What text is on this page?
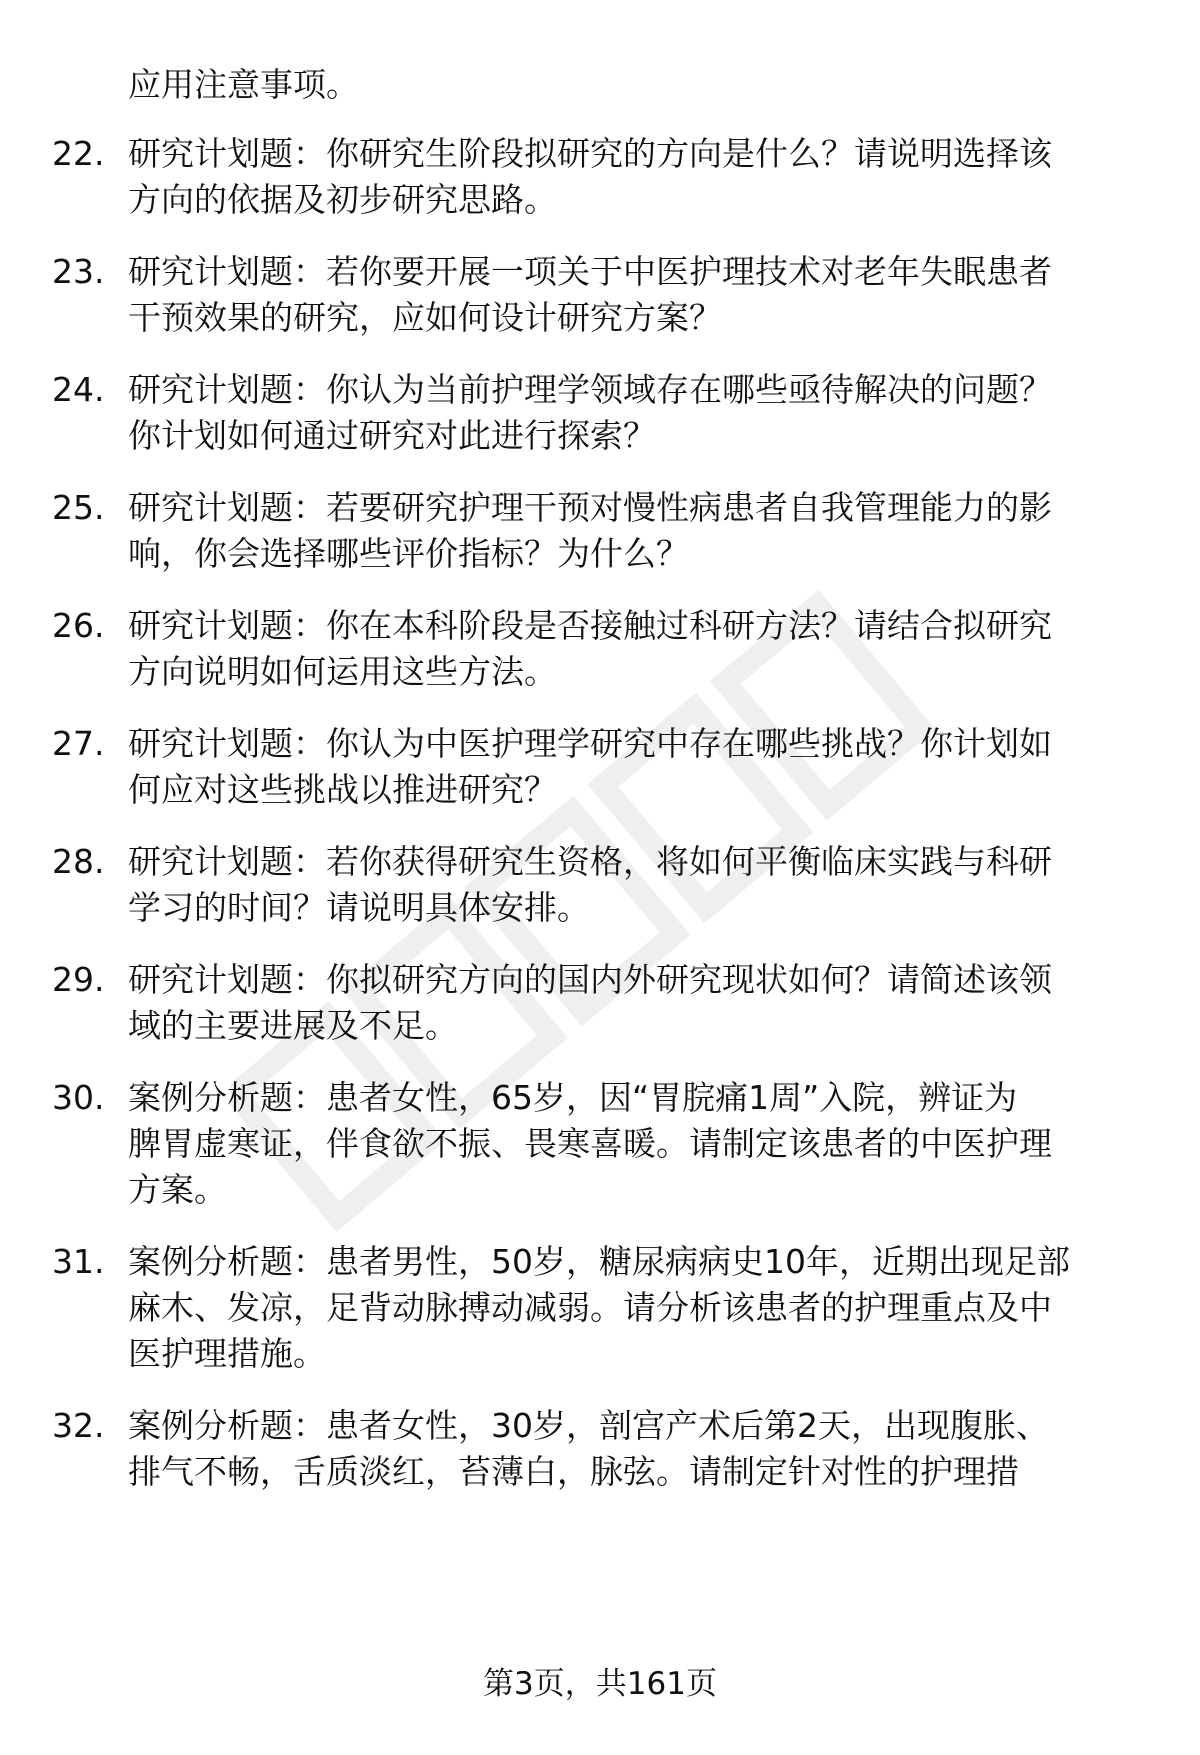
应用注意事项。
22. 研究计划题：你研究生阶段拟研究的方向是什么？请说明选择该
方向的依据及初步研究思路。
23. 研究计划题：若你要开展一项关于中医护理技术对老年失眠患者
干预效果的研究，应如何设计研究方案？
24. 研究计划题：你认为当前护理学领域存在哪些亟待解决的问题？
你计划如何通过研究对此进行探索？
25. 研究计划题：若要研究护理干预对慢性病患者自我管理能力的影
响，你会选择哪些评价指标？为什么？
26. 研究计划题：你在本科阶段是否接触过科研方法？请结合拟研究
方向说明如何运用这些方法。
27. 研究计划题：你认为中医护理学研究中存在哪些挑战？你计划如
何应对这些挑战以推进研究？
28. 研究计划题：若你获得研究生资格，将如何平衡临床实践与科研
学习的时间？请说明具体安排。
29. 研究计划题：你拟研究方向的国内外研究现状如何？请简述该领
域的主要进展及不足。
30. 案例分析题：患者女性，65岁，因“胃脘痛1周”入院，辨证为
脾胃虚寒证，伴食欲不振、畏寒喜暖。请制定该患者的中医护理
方案。
31. 案例分析题：患者男性，50岁，糖尿病病史10年，近期出现足部
麻木、发凉，足背动脉搏动减弱。请分析该患者的护理重点及中
医护理措施。
32. 案例分析题：患者女性，30岁，剖宫产术后第2天，出现腹胀、
排气不畅，舌质淡红，苔薄白，脉弦。请制定针对性的护理措
第3页，共161页
